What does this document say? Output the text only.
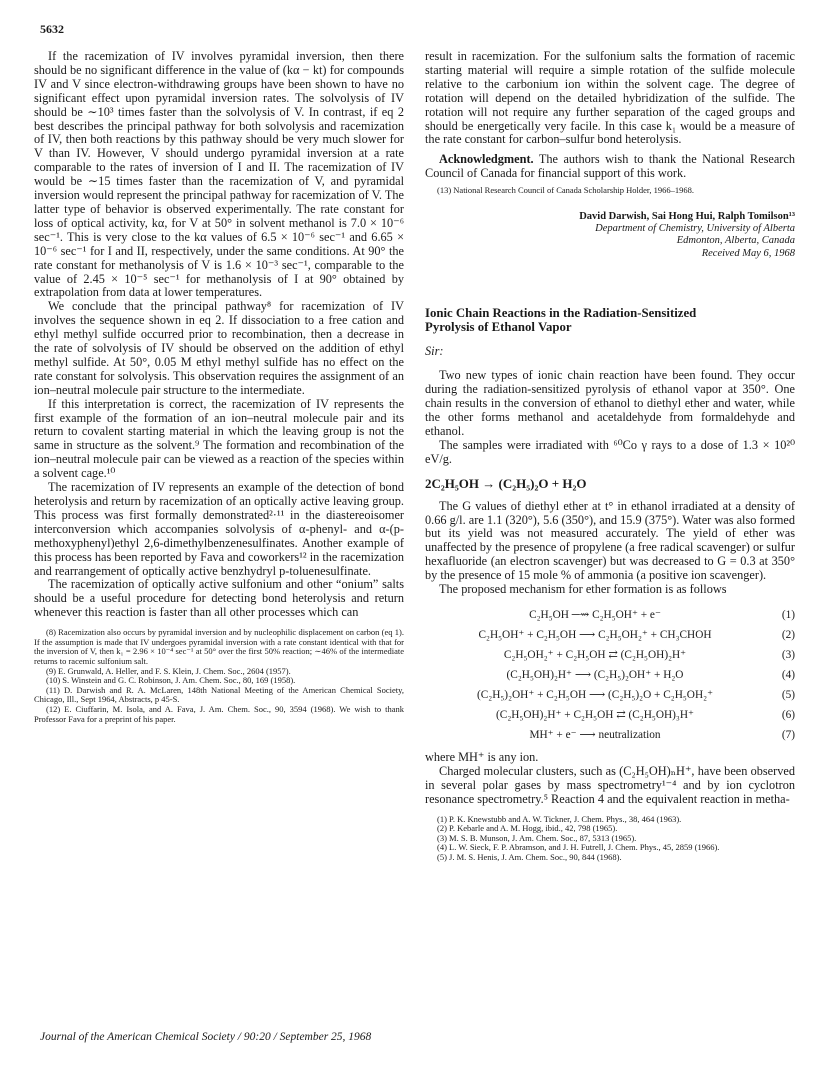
5632

If the racemization of IV involves pyramidal inversion, then there should be no significant difference in the value of (kα − kt) for compounds IV and V since electron-withdrawing groups have been shown to have no significant effect upon pyramidal inversion rates. The solvolysis of IV should be ∼10³ times faster than the solvolysis of V. In contrast, if eq 2 best describes the principal pathway for both solvolysis and racemization of IV, then both reactions by this pathway should be very much slower for V than IV. However, V should undergo pyramidal inversion at a rate comparable to the rates of inversion of I and II. The racemization of IV would be ∼15 times faster than the racemization of V, and pyramidal inversion would represent the principal pathway for racemization of V. The latter type of behavior is observed experimentally. The rate constant for loss of optical activity, kα, for V at 50° in solvent methanol is 7.0 × 10⁻⁶ sec⁻¹. This is very close to the kα values of 6.5 × 10⁻⁶ sec⁻¹ and 6.65 × 10⁻⁶ sec⁻¹ for I and II, respectively, under the same conditions. At 90° the rate constant for methanolysis of V is 1.6 × 10⁻³ sec⁻¹, comparable to the value of 2.45 × 10⁻⁵ sec⁻¹ for methanolysis of I at 90° obtained by extrapolation from data at lower temperatures.

We conclude that the principal pathway⁸ for racemization of IV involves the sequence shown in eq 2. If dissociation to a free cation and ethyl methyl sulfide occurred prior to recombination, then a decrease in the rate of solvolysis of IV should be observed on the addition of ethyl methyl sulfide. At 50°, 0.05 M ethyl methyl sulfide has no effect on the rate constant for solvolysis. This observation requires the assignment of an ion–neutral molecule pair structure to the intermediate.

If this interpretation is correct, the racemization of IV represents the first example of the formation of an ion–neutral molecule pair and its return to covalent starting material in which the leaving group is not the same in structure as the solvent.⁹ The formation and recombination of the ion–neutral molecule pair can be viewed as a reaction of the species within a solvent cage.¹⁰

The racemization of IV represents an example of the detection of bond heterolysis and return by racemization of an optically active leaving group. This process was first formally demonstrated²·¹¹ in the diastereoisomer interconversion which accompanies solvolysis of α-phenyl- and α-(p-methoxyphenyl)ethyl 2,6-dimethylbenzenesulfinates. Another example of this process has been reported by Fava and coworkers¹² in the racemization and rearrangement of optically active benzhydryl p-toluenesulfinate.

The racemization of optically active sulfonium and other “onium” salts should be a useful procedure for detecting bond heterolysis and return whenever this reaction is faster than all other processes which can

(8) Racemization also occurs by pyramidal inversion and by nucleophilic displacement on carbon (eq 1). If the assumption is made that IV undergoes pyramidal inversion with a rate constant identical with that for the inversion of V, then k₁ = 2.96 × 10⁻⁴ sec⁻¹ at 50° over the first 50% reaction; ∼46% of the intermediate returns to racemic sulfonium salt.

(9) E. Grunwald, A. Heller, and F. S. Klein, J. Chem. Soc., 2604 (1957).

(10) S. Winstein and G. C. Robinson, J. Am. Chem. Soc., 80, 169 (1958).

(11) D. Darwish and R. A. McLaren, 148th National Meeting of the American Chemical Society, Chicago, Ill., Sept 1964, Abstracts, p 45-S.

(12) E. Ciuffarin, M. Isola, and A. Fava, J. Am. Chem. Soc., 90, 3594 (1968). We wish to thank Professor Fava for a preprint of his paper.

result in racemization. For the sulfonium salts the formation of racemic starting material will require a simple rotation of the sulfide molecule relative to the carbonium ion within the solvent cage. The degree of rotation will depend on the detailed hybridization of the sulfide. The rotation will not require any further separation of the caged groups and should be energetically very facile. In this case k₁ would be a measure of the rate constant for carbon–sulfur bond heterolysis.

Acknowledgment. The authors wish to thank the National Research Council of Canada for financial support of this work.

(13) National Research Council of Canada Scholarship Holder, 1966–1968.

David Darwish, Sai Hong Hui, Ralph Tomilson¹³
Department of Chemistry, University of Alberta
Edmonton, Alberta, Canada
Received May 6, 1968
Ionic Chain Reactions in the Radiation-Sensitized
Pyrolysis of Ethanol Vapor
Sir:

Two new types of ionic chain reaction have been found. They occur during the radiation-sensitized pyrolysis of ethanol vapor at 350°. One chain results in the conversion of ethanol to diethyl ether and water, while the other forms methanol and acetaldehyde from formaldehyde and ethanol.

The samples were irradiated with ⁶⁰Co γ rays to a dose of 1.3 × 10²⁰ eV/g.

2C₂H₅OH → (C₂H₅)₂O + H₂O

The G values of diethyl ether at t° in ethanol irradiated at a density of 0.66 g/l. are 1.1 (320°), 5.6 (350°), and 15.9 (375°). Water was also formed but its yield was not measured accurately. The yield of ether was unaffected by the presence of propylene (a free radical scavenger) or sulfur hexafluoride (an electron scavenger) but was decreased to G = 0.3 at 350° by the presence of 15 mole % of ammonia (a positive ion scavenger).

The proposed mechanism for ether formation is as follows

C₂H₅OH ─⇝ C₂H₅OH⁺ + e⁻	(1)
C₂H₅OH⁺ + C₂H₅OH ⟶ C₂H₅OH₂⁺ + CH₃CHOH	(2)
C₂H₅OH₂⁺ + C₂H₅OH ⇄ (C₂H₅OH)₂H⁺	(3)
(C₂H₅OH)₂H⁺ ⟶ (C₂H₅)₂OH⁺ + H₂O	(4)
(C₂H₅)₂OH⁺ + C₂H₅OH ⟶ (C₂H₅)₂O + C₂H₅OH₂⁺	(5)
(C₂H₅OH)₂H⁺ + C₂H₅OH ⇄ (C₂H₅OH)₃H⁺	(6)
MH⁺ + e⁻ ⟶ neutralization	(7)

where MH⁺ is any ion.

Charged molecular clusters, such as (C₂H₅OH)ₙH⁺, have been observed in several polar gases by mass spectrometry¹⁻⁴ and by ion cyclotron resonance spectrometry.⁵ Reaction 4 and the equivalent reaction in metha-

(1) P. K. Knewstubb and A. W. Tickner, J. Chem. Phys., 38, 464 (1963).

(2) P. Kebarle and A. M. Hogg, ibid., 42, 798 (1965).

(3) M. S. B. Munson, J. Am. Chem. Soc., 87, 5313 (1965).

(4) L. W. Sieck, F. P. Abramson, and J. H. Futrell, J. Chem. Phys., 45, 2859 (1966).

(5) J. M. S. Henis, J. Am. Chem. Soc., 90, 844 (1968).

Journal of the American Chemical Society / 90:20 / September 25, 1968
